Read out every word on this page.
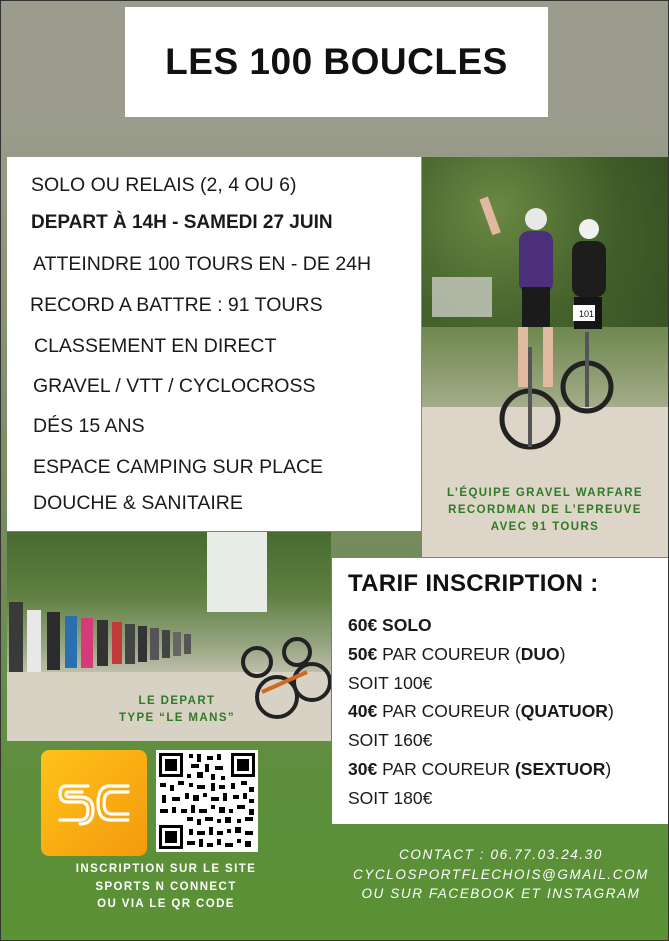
LES 100 BOUCLES
SOLO OU RELAIS (2, 4 OU 6)
DEPART À 14H - SAMEDI 27 JUIN
ATTEINDRE 100 TOURS EN - DE 24H
RECORD A BATTRE : 91 TOURS
CLASSEMENT EN DIRECT
GRAVEL / VTT / CYCLOCROSS
DÉS 15 ANS
ESPACE CAMPING SUR PLACE
DOUCHE & SANITAIRE
101
L’ÉQUIPE GRAVEL WARFARE
RECORDMAN DE L’EPREUVE
AVEC 91 TOURS
LE DEPART
TYPE “LE MANS”
TARIF INSCRIPTION :
60€ SOLO
50€ PAR COUREUR (DUO)
SOIT 100€
40€ PAR COUREUR (QUATUOR)
SOIT 160€
30€ PAR COUREUR (SEXTUOR)
SOIT 180€
INSCRIPTION SUR LE SITE
SPORTS N CONNECT
OU VIA LE QR CODE
CONTACT : 06.77.03.24.30
CYCLOSPORTFLECHOIS@GMAIL.COM
OU SUR FACEBOOK ET INSTAGRAM
